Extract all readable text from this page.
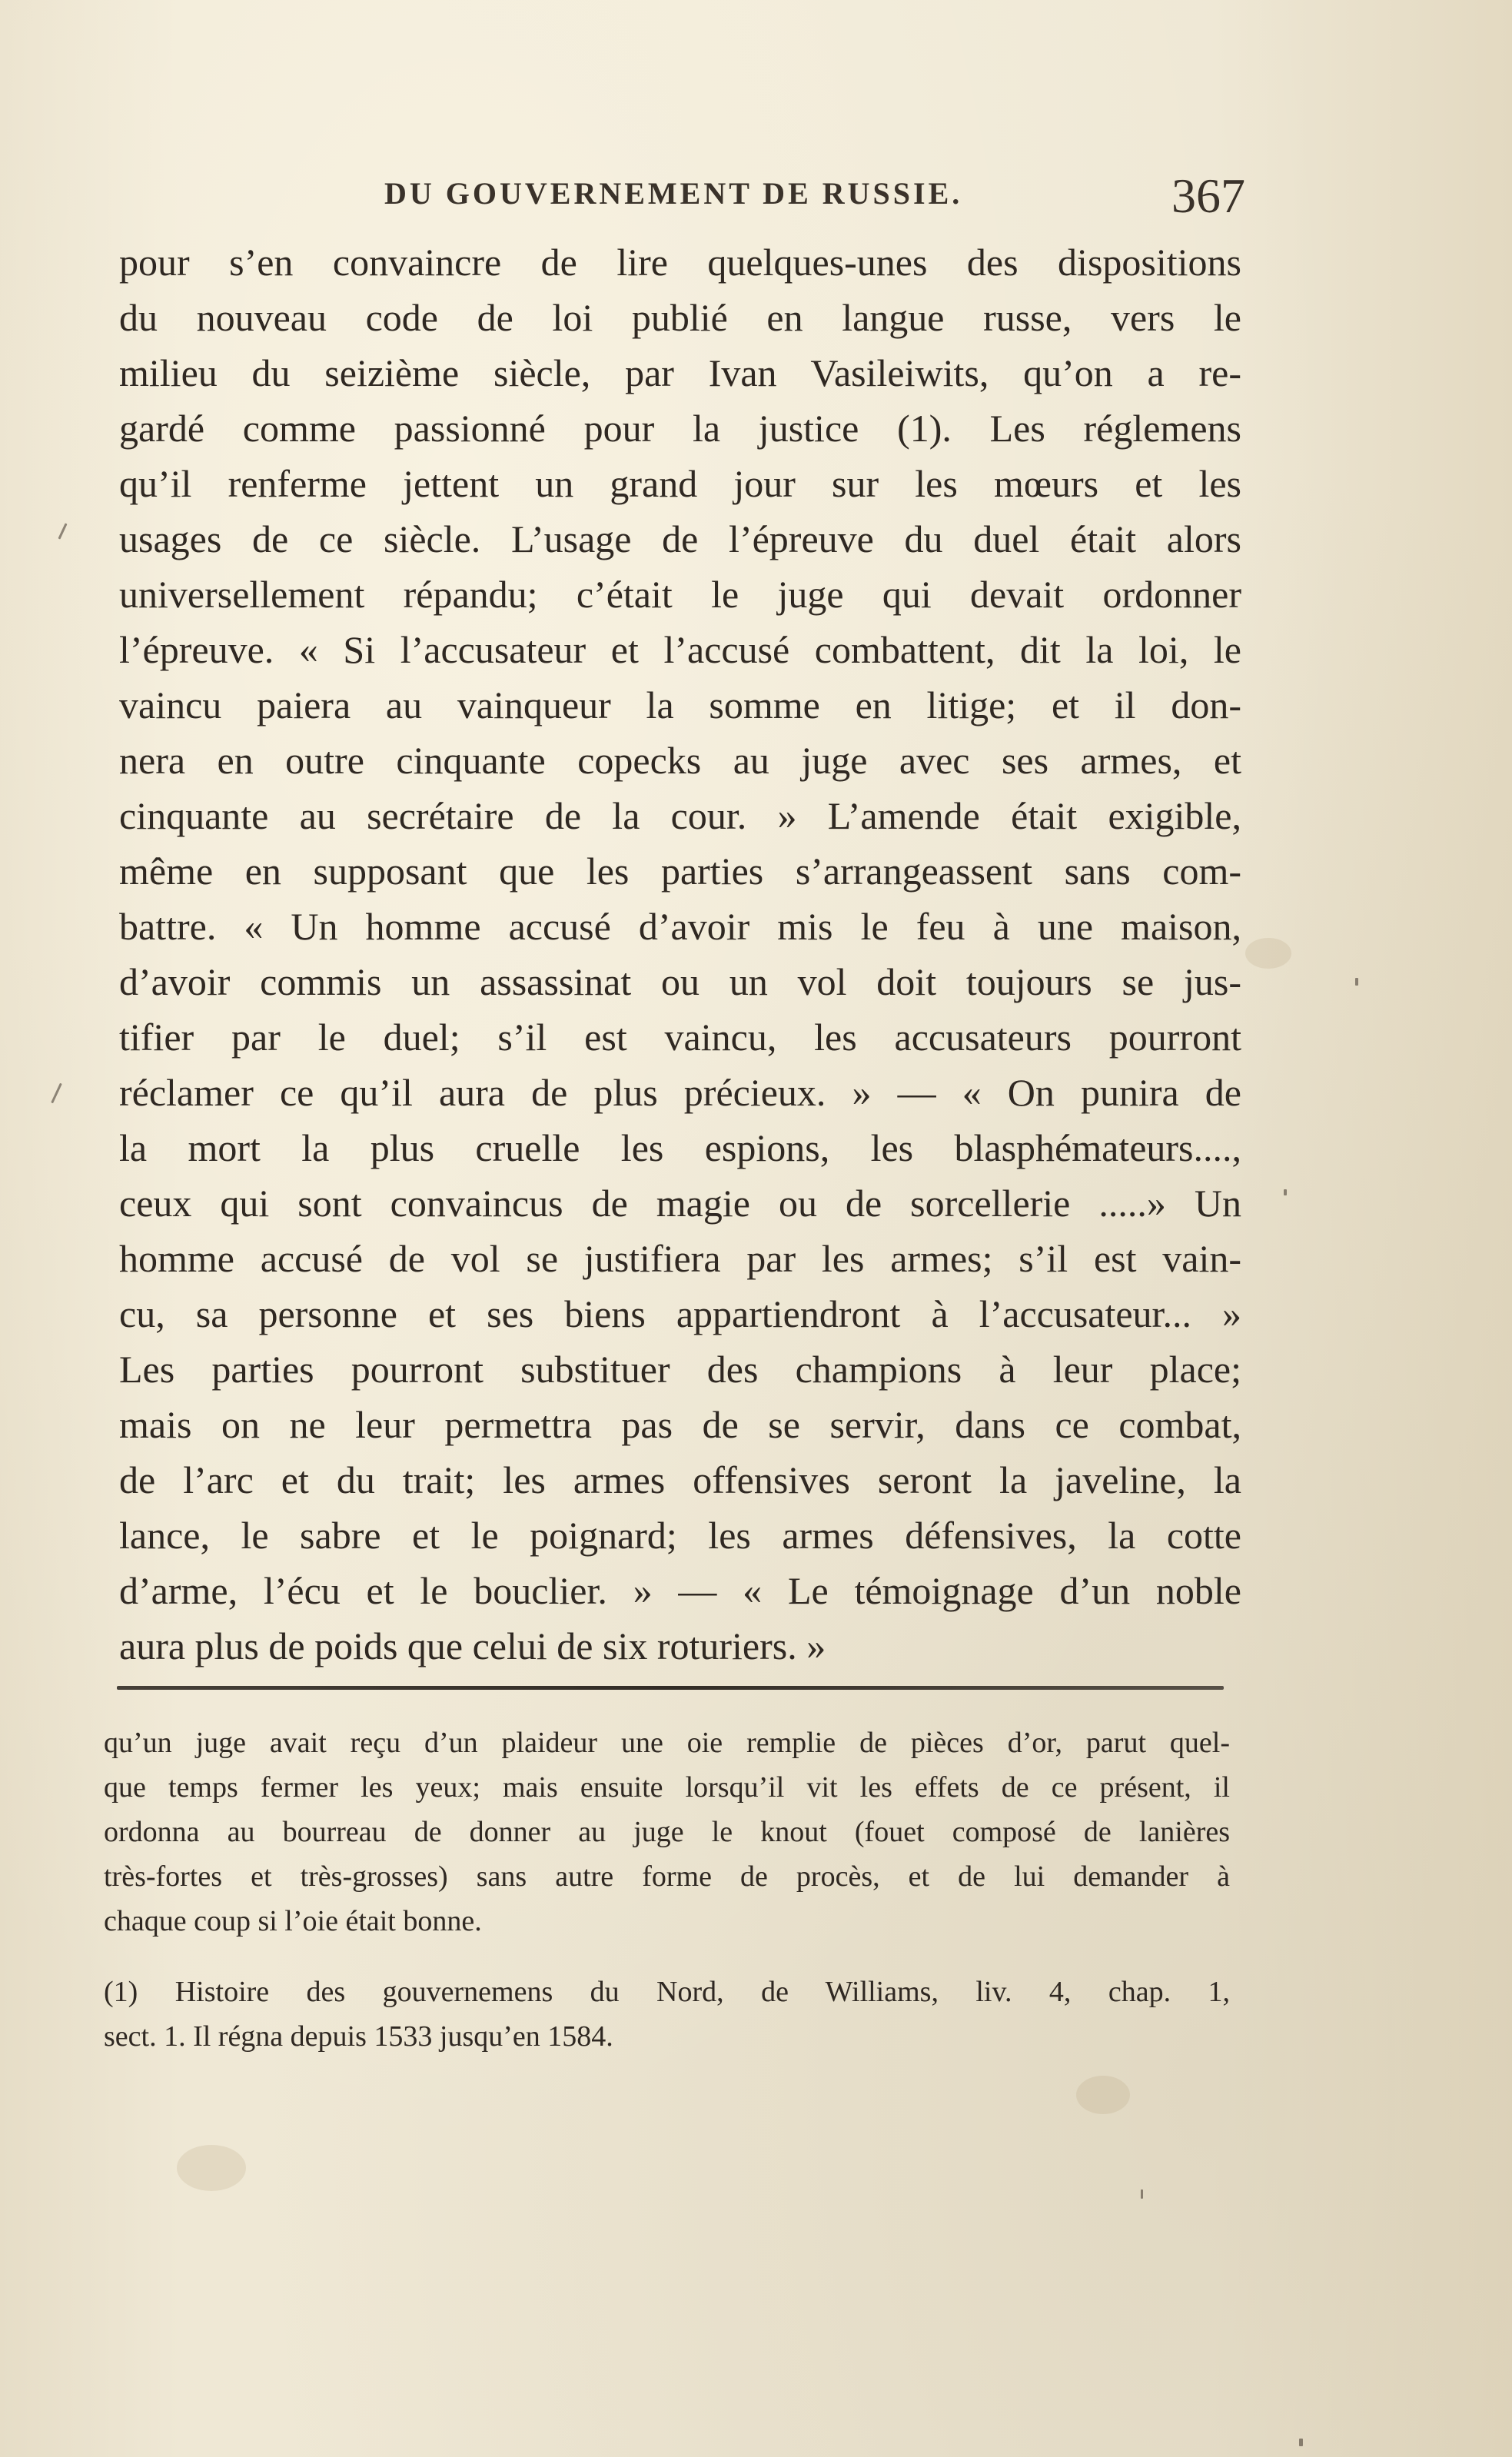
DU GOUVERNEMENT DE RUSSIE.	367
pour s’en convaincre de lire quelques-unes des dispositions
du nouveau code de loi publié en langue russe, vers le
milieu du seizième siècle, par Ivan Vasileiwits, qu’on a re-
gardé comme passionné pour la justice (1). Les réglemens
qu’il renferme jettent un grand jour sur les mœurs et les
usages de ce siècle. L’usage de l’épreuve du duel était alors
universellement répandu; c’était le juge qui devait ordonner
l’épreuve. « Si l’accusateur et l’accusé combattent, dit la loi, le
vaincu paiera au vainqueur la somme en litige; et il don-
nera en outre cinquante copecks au juge avec ses armes, et
cinquante au secrétaire de la cour. » L’amende était exigible,
même en supposant que les parties s’arrangeassent sans com-
battre. « Un homme accusé d’avoir mis le feu à une maison,
d’avoir commis un assassinat ou un vol doit toujours se jus-
tifier par le duel; s’il est vaincu, les accusateurs pourront
réclamer ce qu’il aura de plus précieux. » — « On punira de
la mort la plus cruelle les espions, les blasphémateurs....,
ceux qui sont convaincus de magie ou de sorcellerie .....» Un
homme accusé de vol se justifiera par les armes; s’il est vain-
cu, sa personne et ses biens appartiendront à l’accusateur... »
Les parties pourront substituer des champions à leur place;
mais on ne leur permettra pas de se servir, dans ce combat,
de l’arc et du trait; les armes offensives seront la javeline, la
lance, le sabre et le poignard; les armes défensives, la cotte
d’arme, l’écu et le bouclier. » — « Le témoignage d’un noble
aura plus de poids que celui de six roturiers. »
qu’un juge avait reçu d’un plaideur une oie remplie de pièces d’or, parut quel-
que temps fermer les yeux; mais ensuite lorsqu’il vit les effets de ce présent, il
ordonna au bourreau de donner au juge le knout (fouet composé de lanières
très-fortes et très-grosses) sans autre forme de procès, et de lui demander à
chaque coup si l’oie était bonne.
(1) Histoire des gouvernemens du Nord, de Williams, liv. 4, chap. 1,
sect. 1. Il régna depuis 1533 jusqu’en 1584.
